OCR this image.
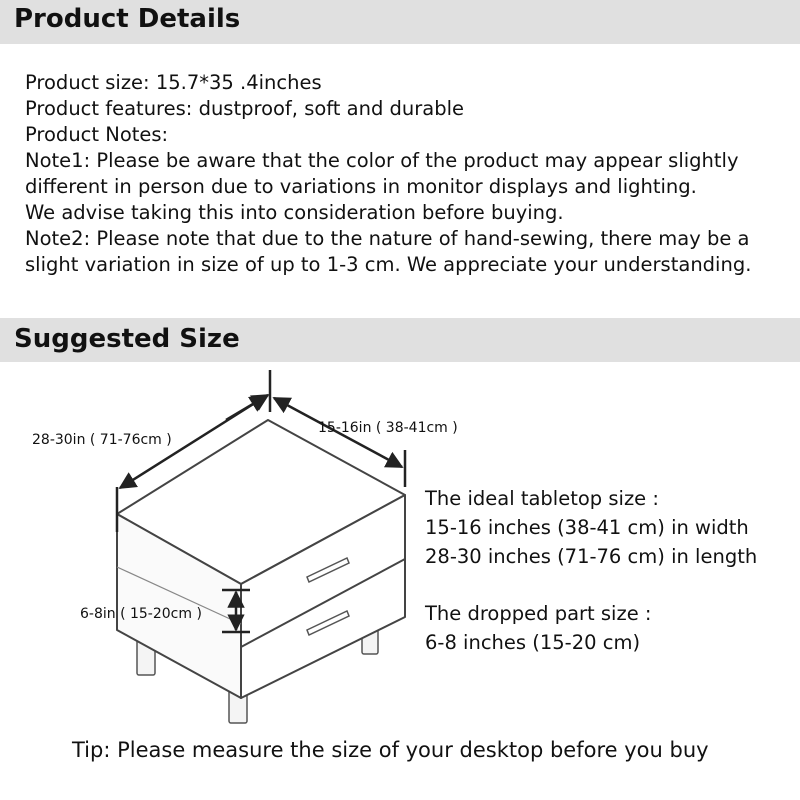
Product Details
Product size: 15.7*35 .4inches
Product features: dustproof, soft and durable
Product Notes:
Note1: Please be aware that the color of the product may appear slightly
different in person due to variations in monitor displays and lighting.
We advise taking this into consideration before buying.
Note2: Please note that due to the nature of hand-sewing, there may be a
slight variation in size of up to 1-3 cm. We appreciate your understanding.
Suggested Size
28-30in ( 71-76cm )
15-16in ( 38-41cm )
6-8in ( 15-20cm )
The ideal tabletop size :
15-16 inches (38-41 cm) in width
28-30 inches (71-76 cm) in length
The dropped part size :
6-8 inches (15-20 cm)
Tip: Please measure the size of your desktop before you buy
